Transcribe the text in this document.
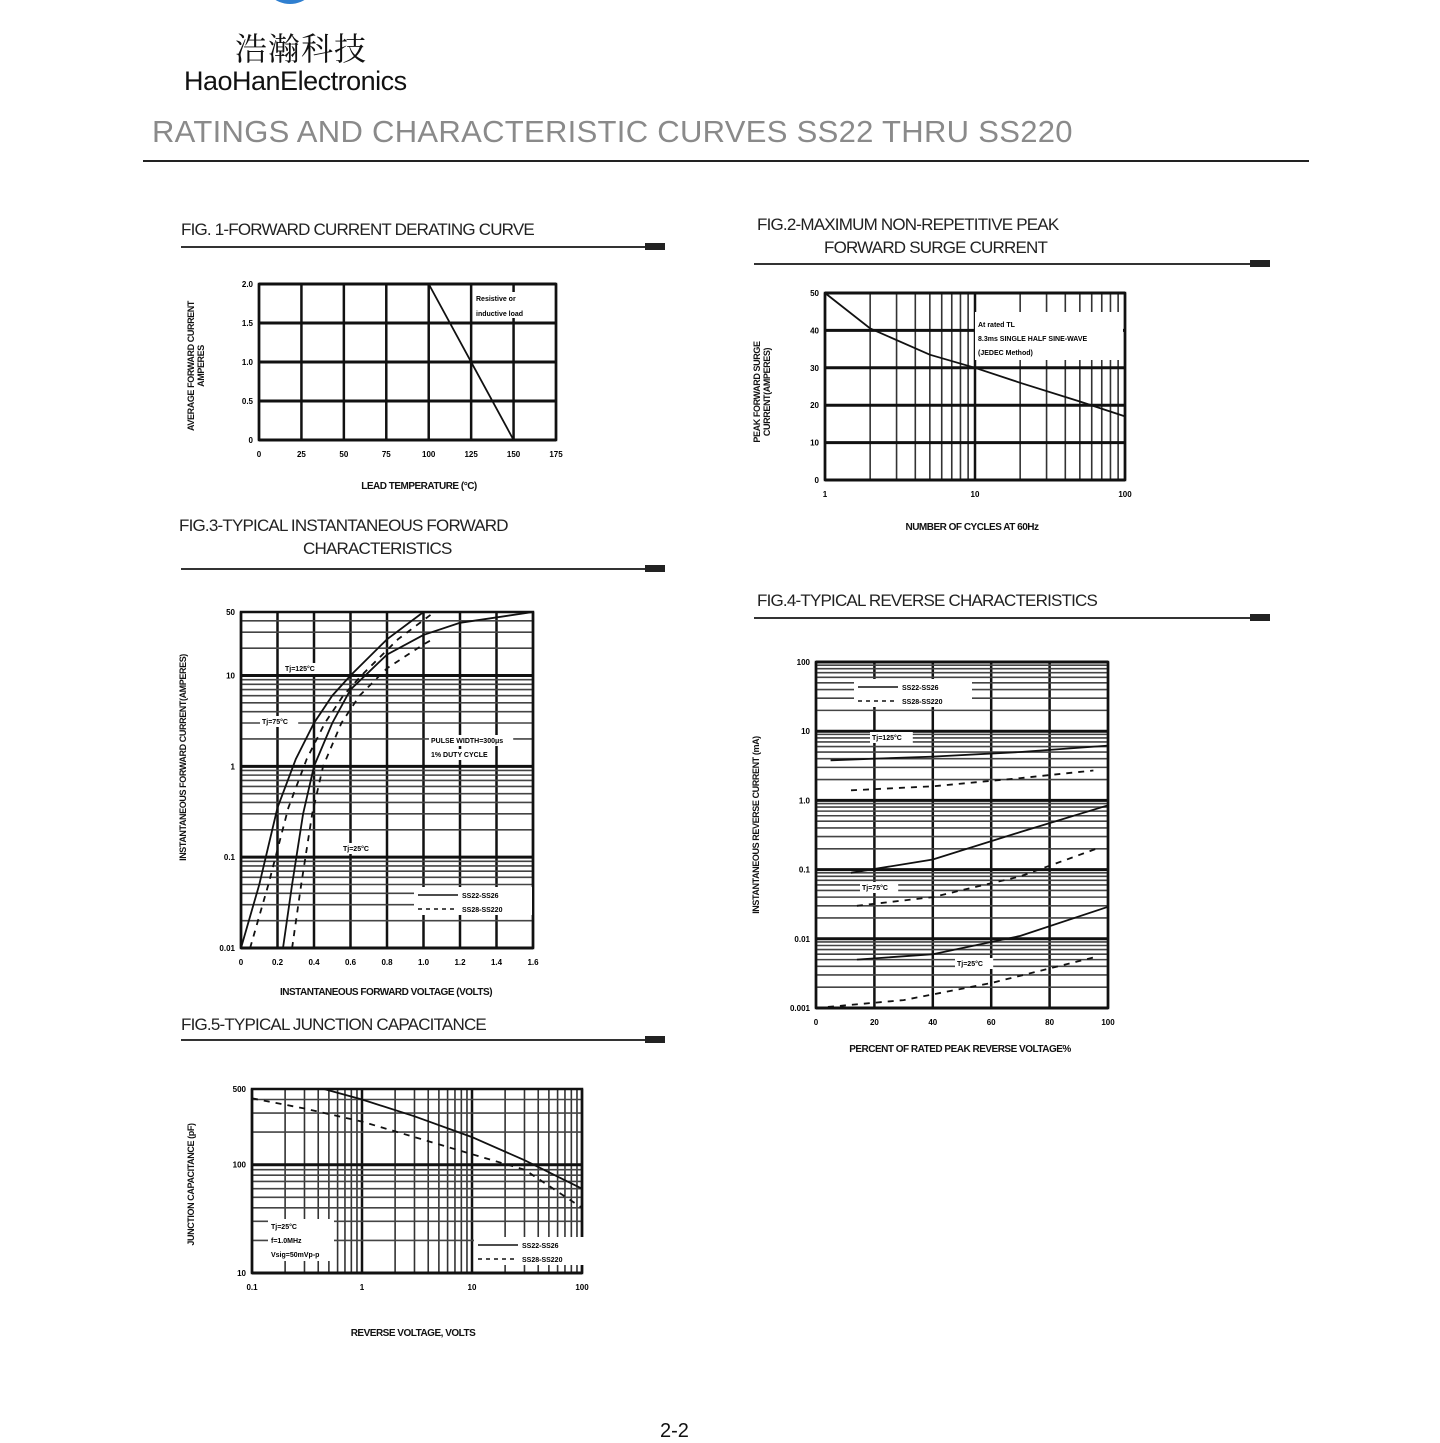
浩瀚科技
HaoHanElectronics
RATINGS AND CHARACTERISTIC CURVES SS22 THRU SS220
FIG. 1-FORWARD CURRENT DERATING CURVE
AVERAGE FORWARD CURRENT AMPERES
LEAD TEMPERATURE (°C)
FIG.2-MAXIMUM NON-REPETITIVE PEAK
FORWARD SURGE CURRENT
PEAK FORWARD SURGE CURRENT(AMPERES)
NUMBER OF CYCLES AT 60Hz
FIG.3-TYPICAL INSTANTANEOUS FORWARD
CHARACTERISTICS
INSTANTANEOUS FORWARD CURRENT(AMPERES)
INSTANTANEOUS FORWARD VOLTAGE (VOLTS)
FIG.4-TYPICAL REVERSE CHARACTERISTICS
INSTANTANEOUS REVERSE CURRENT (mA)
PERCENT OF RATED PEAK REVERSE VOLTAGE%
FIG.5-TYPICAL JUNCTION CAPACITANCE
JUNCTION CAPACITANCE (pF)
REVERSE VOLTAGE, VOLTS
0	25	50	75	100	125	150	175
0
0.5
1.0
1.5
2.0
Resistive or
inductive load
1	10	100
0
10
20
30
40
50
At rated TL
8.3ms SINGLE HALF SINE-WAVE
(JEDEC Method)
0	0.2	0.4	0.6	0.8	1.0	1.2	1.4	1.6
0.01
0.1
1
10
50
Tj=125°C
Tj=75°C
Tj=25°C
PULSE WIDTH=300μs
1% DUTY CYCLE
SS22-SS26
SS28-SS220
0	20	40	60	80	100
0.001
0.01
0.1
1.0
10
100
Tj=125°C
Tj=75°C
Tj=25°C
SS22-SS26
SS28-SS220
0.1	1	10	100
10
100
500
Tj=25°C
f=1.0MHz
Vsig=50mVp-p
SS22-SS26
SS28-SS220
2-2
